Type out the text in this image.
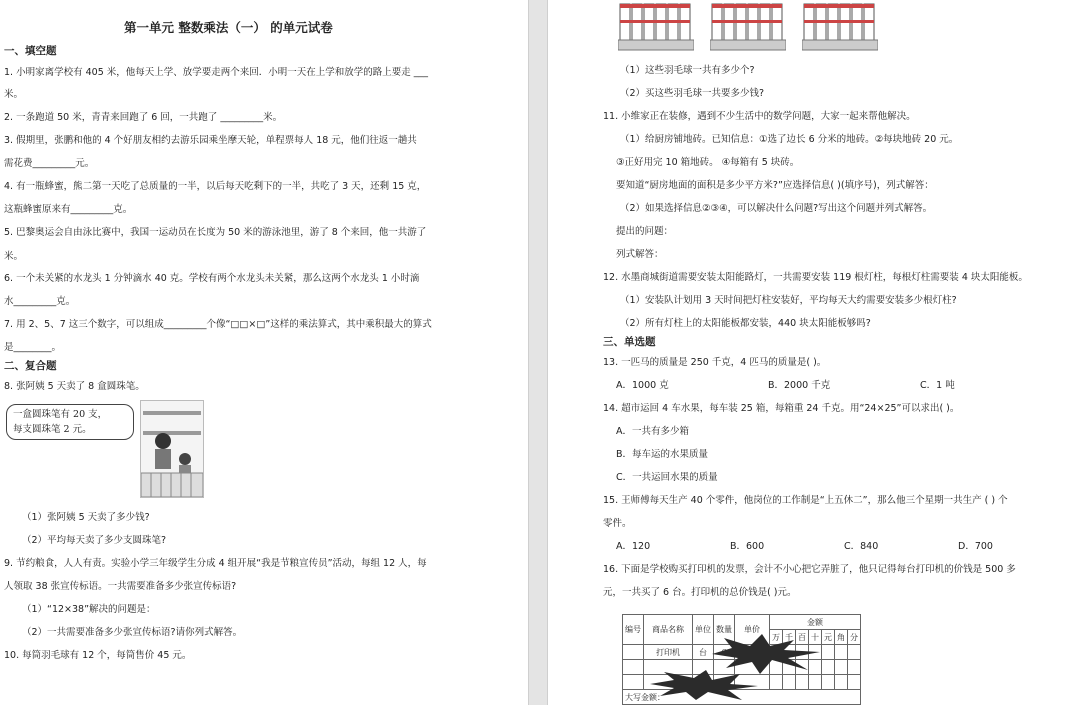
第一单元 整数乘法（一） 的单元试卷
一、填空题
1. 小明家离学校有 405 米，他每天上学、放学要走两个来回．小明一天在上学和放学的路上要走 ___
米。
2. 一条跑道 50 米，青青来回跑了 6 回，一共跑了 _________米。
3. 假期里，张鹏和他的 4 个好朋友相约去游乐园乘坐摩天轮，单程票每人 18 元，他们往返一趟共
需花费_________元。
4. 有一瓶蜂蜜，熊二第一天吃了总质量的一半，以后每天吃剩下的一半，共吃了 3 天，还剩 15 克，
这瓶蜂蜜原来有_________克。
5. 巴黎奥运会自由泳比赛中，我国一运动员在长度为 50 米的游泳池里，游了 8 个来回，他一共游了
米。
6. 一个未关紧的水龙头 1 分钟滴水 40 克。学校有两个水龙头未关紧，那么这两个水龙头 1 小时滴
水_________克。
7. 用 2、5、7 这三个数字，可以组成_________个像“□□×□”这样的乘法算式，其中乘积最大的算式
是________。
二、复合题
8. 张阿姨 5 天卖了 8 盒圆珠笔。
一盒圆珠笔有 20 支，
每支圆珠笔 2 元。
（1）张阿姨 5 天卖了多少钱?
（2）平均每天卖了多少支圆珠笔?
9. 节约粮食，人人有责。实验小学三年级学生分成 4 组开展“我是节粮宣传员”活动，每组 12 人，每
人领取 38 张宣传标语。一共需要准备多少张宣传标语?
（1）“12×38”解决的问题是：
（2）一共需要准备多少张宣传标语?请你列式解答。
10. 每筒羽毛球有 12 个，每筒售价 45 元。
（1）这些羽毛球一共有多少个?
（2）买这些羽毛球一共要多少钱?
11. 小维家正在装修，遇到不少生活中的数学问题，大家一起来帮他解决。
（1）给厨房铺地砖。已知信息：①选了边长 6 分米的地砖。②每块地砖 20 元。
③正好用完 10 箱地砖。 ④每箱有 5 块砖。
要知道“厨房地面的面积是多少平方米?”应选择信息( )(填序号)，列式解答：
（2）如果选择信息②③④，可以解决什么问题?写出这个问题并列式解答。
提出的问题：
列式解答：
12. 水墨商城街道需要安装太阳能路灯，一共需要安装 119 根灯柱，每根灯柱需要装 4 块太阳能板。
（1）安装队计划用 3 天时间把灯柱安装好，平均每天大约需要安装多少根灯柱?
（2）所有灯柱上的太阳能板都安装，440 块太阳能板够吗?
三、单选题
13. 一匹马的质量是 250 千克，4 匹马的质量是( )。
A．1000 克	B．2000 千克	C．1 吨
14. 超市运回 4 车水果，每车装 25 箱，每箱重 24 千克。用“24×25”可以求出( )。
A．一共有多少箱
B．每车运的水果质量
C．一共运回水果的质量
15. 王师傅每天生产 40 个零件，他岗位的工作制是“上五休二”，那么他三个星期一共生产 ( ) 个
零件。
A．120	B．600	C．840	D．700
16. 下面是学校购买打印机的发票，会计不小心把它弄脏了，他只记得每台打印机的价钱是 500 多
元，一共买了 6 台。打印机的总价钱是( )元。
编号	商品名称	单位	数量	单价	金额						
					万	千	百	十	元	角	分
	打印机	台									

大写金额：											
